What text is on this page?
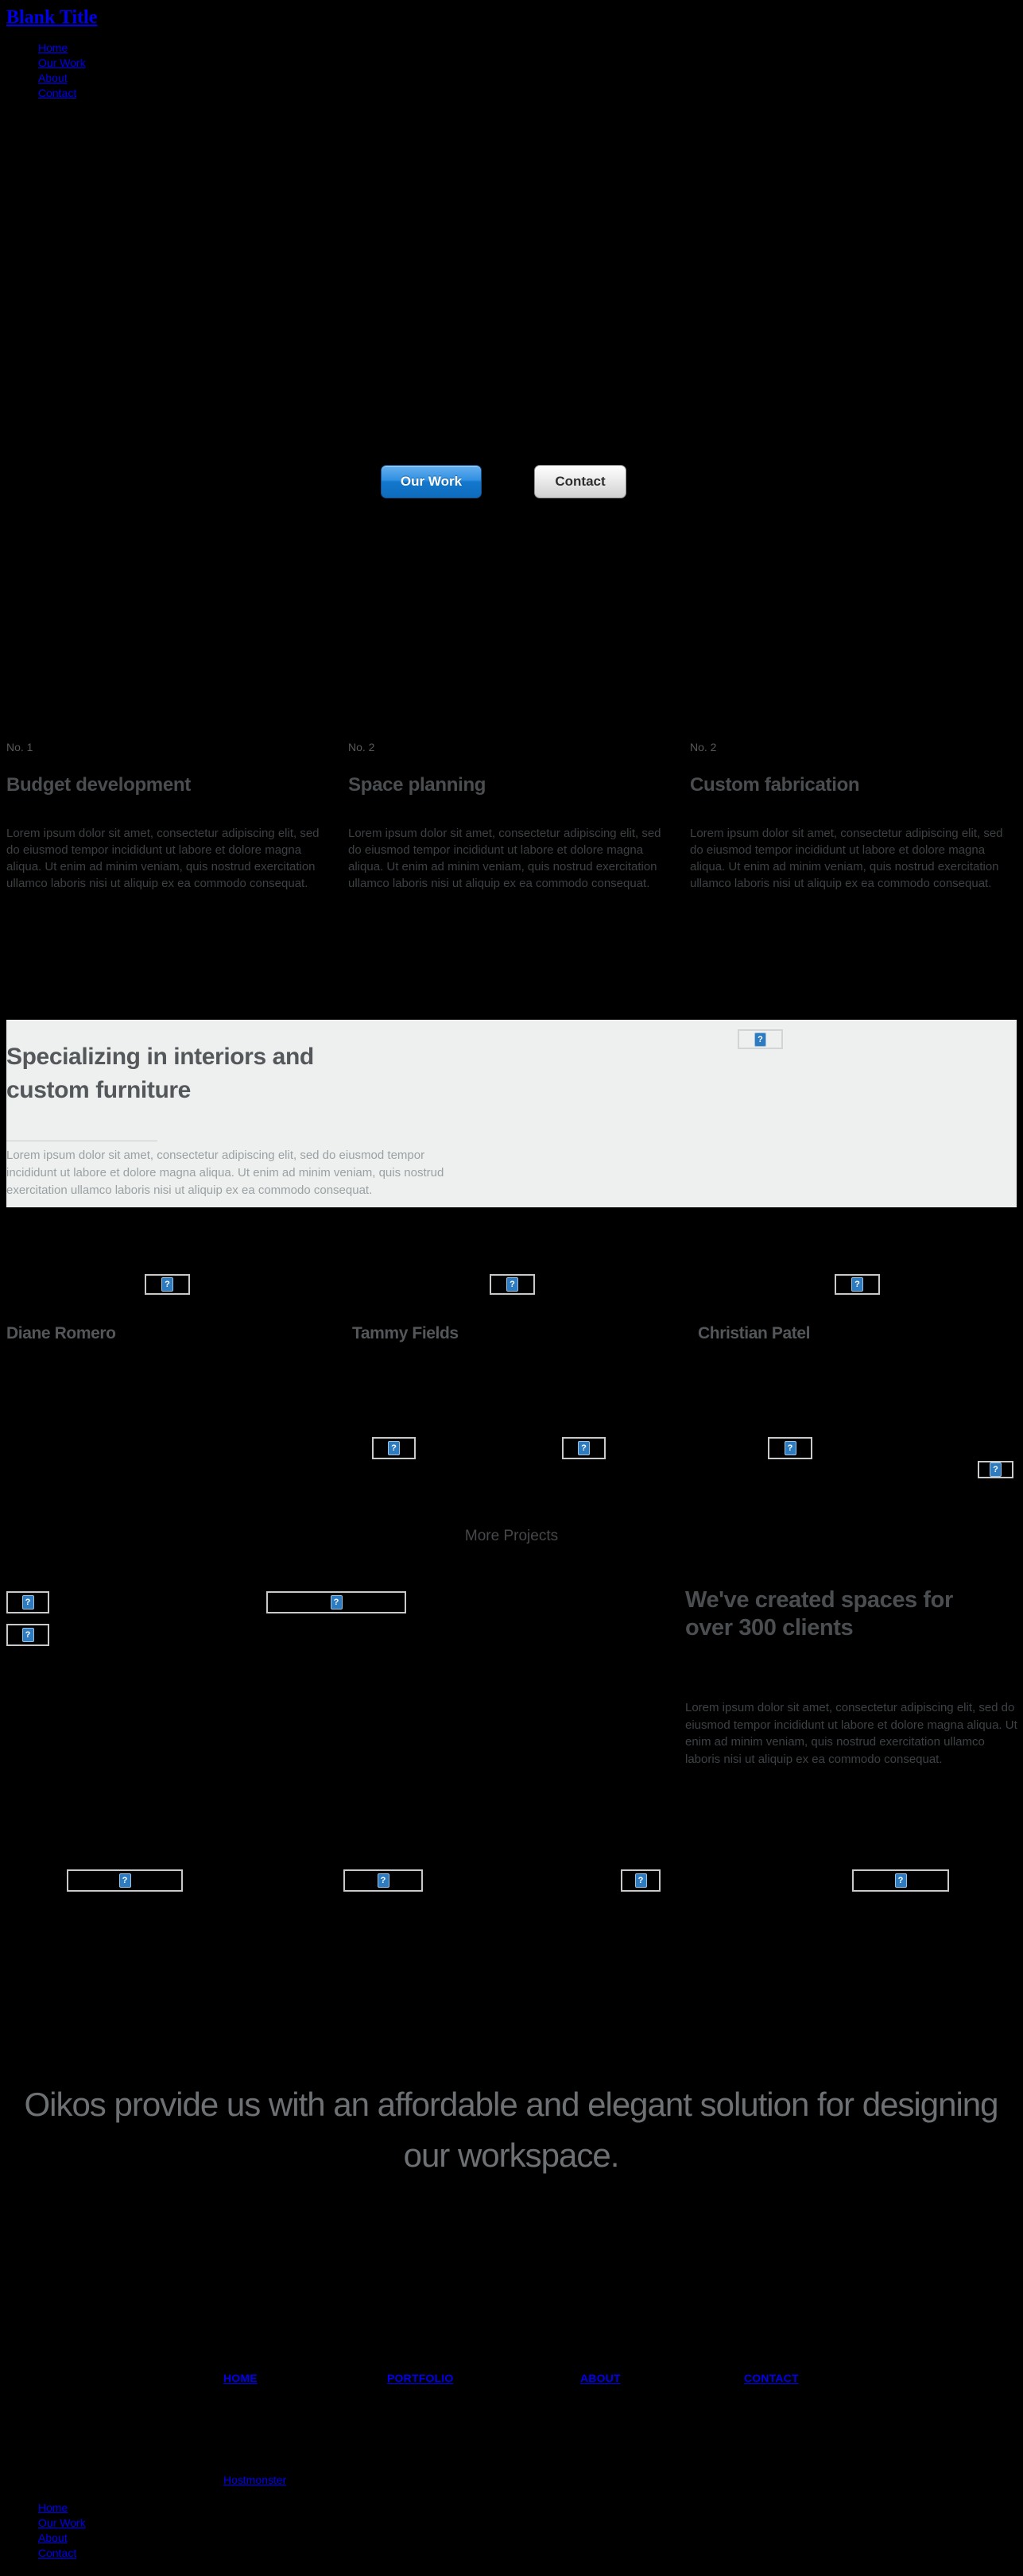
Blank Title
Home
Our Work
About
Contact
Our Work	Contact
No. 1
Budget development

Lorem ipsum dolor sit amet, consectetur adipiscing elit, sed do eiusmod tempor incididunt ut labore et dolore magna aliqua. Ut enim ad minim veniam, quis nostrud exercitation ullamco laboris nisi ut aliquip ex ea commodo consequat.

No. 2
Space planning

Lorem ipsum dolor sit amet, consectetur adipiscing elit, sed do eiusmod tempor incididunt ut labore et dolore magna aliqua. Ut enim ad minim veniam, quis nostrud exercitation ullamco laboris nisi ut aliquip ex ea commodo consequat.

No. 2
Custom fabrication

Lorem ipsum dolor sit amet, consectetur adipiscing elit, sed do eiusmod tempor incididunt ut labore et dolore magna aliqua. Ut enim ad minim veniam, quis nostrud exercitation ullamco laboris nisi ut aliquip ex ea commodo consequat.

?
Specializing in interiors and custom furniture

Lorem ipsum dolor sit amet, consectetur adipiscing elit, sed do eiusmod tempor incididunt ut labore et dolore magna aliqua. Ut enim ad minim veniam, quis nostrud exercitation ullamco laboris nisi ut aliquip ex ea commodo consequat.

?	?	?
Diane Romero	Tammy Fields	Christian Patel
?	?	?
?
More Projects
?
?
?	We've created spaces for over 300 clients
Lorem ipsum dolor sit amet, consectetur adipiscing elit, sed do eiusmod tempor incididunt ut labore et dolore magna aliqua. Ut enim ad minim veniam, quis nostrud exercitation ullamco laboris nisi ut aliquip ex ea commodo consequat.
?	?	?	?
Oikos provide us with an affordable and elegant solution for designing our workspace.
HOME	PORTFOLIO	ABOUT	CONTACT
Hostmonster
Home
Our Work
About
Contact
